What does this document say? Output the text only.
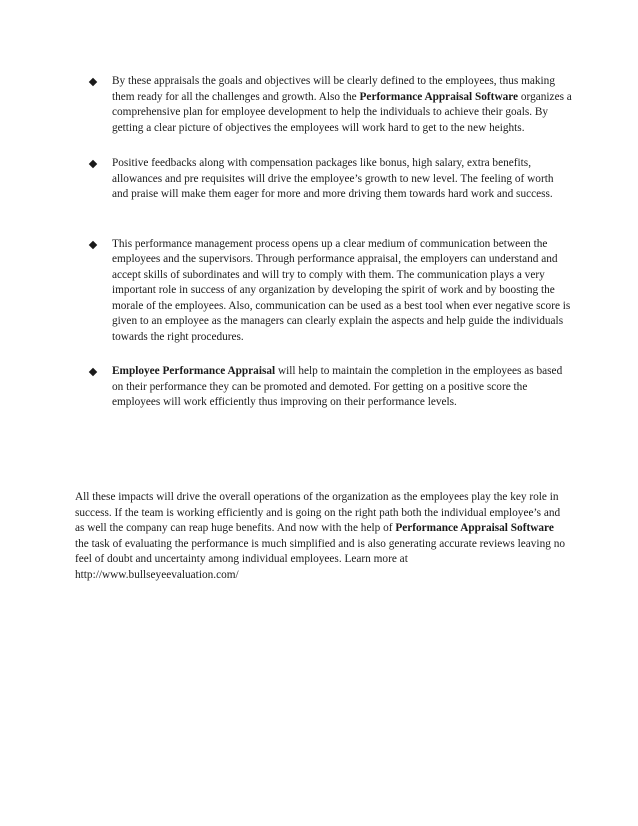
By these appraisals the goals and objectives will be clearly defined to the employees, thus making them ready for all the challenges and growth. Also the Performance Appraisal Software organizes a comprehensive plan for employee development to help the individuals to achieve their goals. By getting a clear picture of objectives the employees will work hard to get to the new heights.

Positive feedbacks along with compensation packages like bonus, high salary, extra benefits, allowances and pre requisites will drive the employee’s growth to new level. The feeling of worth and praise will make them eager for more and more driving them towards hard work and success.

This performance management process opens up a clear medium of communication between the employees and the supervisors. Through performance appraisal, the employers can understand and accept skills of subordinates and will try to comply with them. The communication plays a very important role in success of any organization by developing the spirit of work and by boosting the morale of the employees. Also, communication can be used as a best tool when ever negative score is given to an employee as the managers can clearly explain the aspects and help guide the individuals towards the right procedures.

Employee Performance Appraisal will help to maintain the completion in the employees as based on their performance they can be promoted and demoted. For getting on a positive score the employees will work efficiently thus improving on their performance levels.

All these impacts will drive the overall operations of the organization as the employees play the key role in success. If the team is working efficiently and is going on the right path both the individual employee’s and as well the company can reap huge benefits. And now with the help of Performance Appraisal Software the task of evaluating the performance is much simplified and is also generating accurate reviews leaving no feel of doubt and uncertainty among individual employees. Learn more at http://www.bullseyeevaluation.com/
